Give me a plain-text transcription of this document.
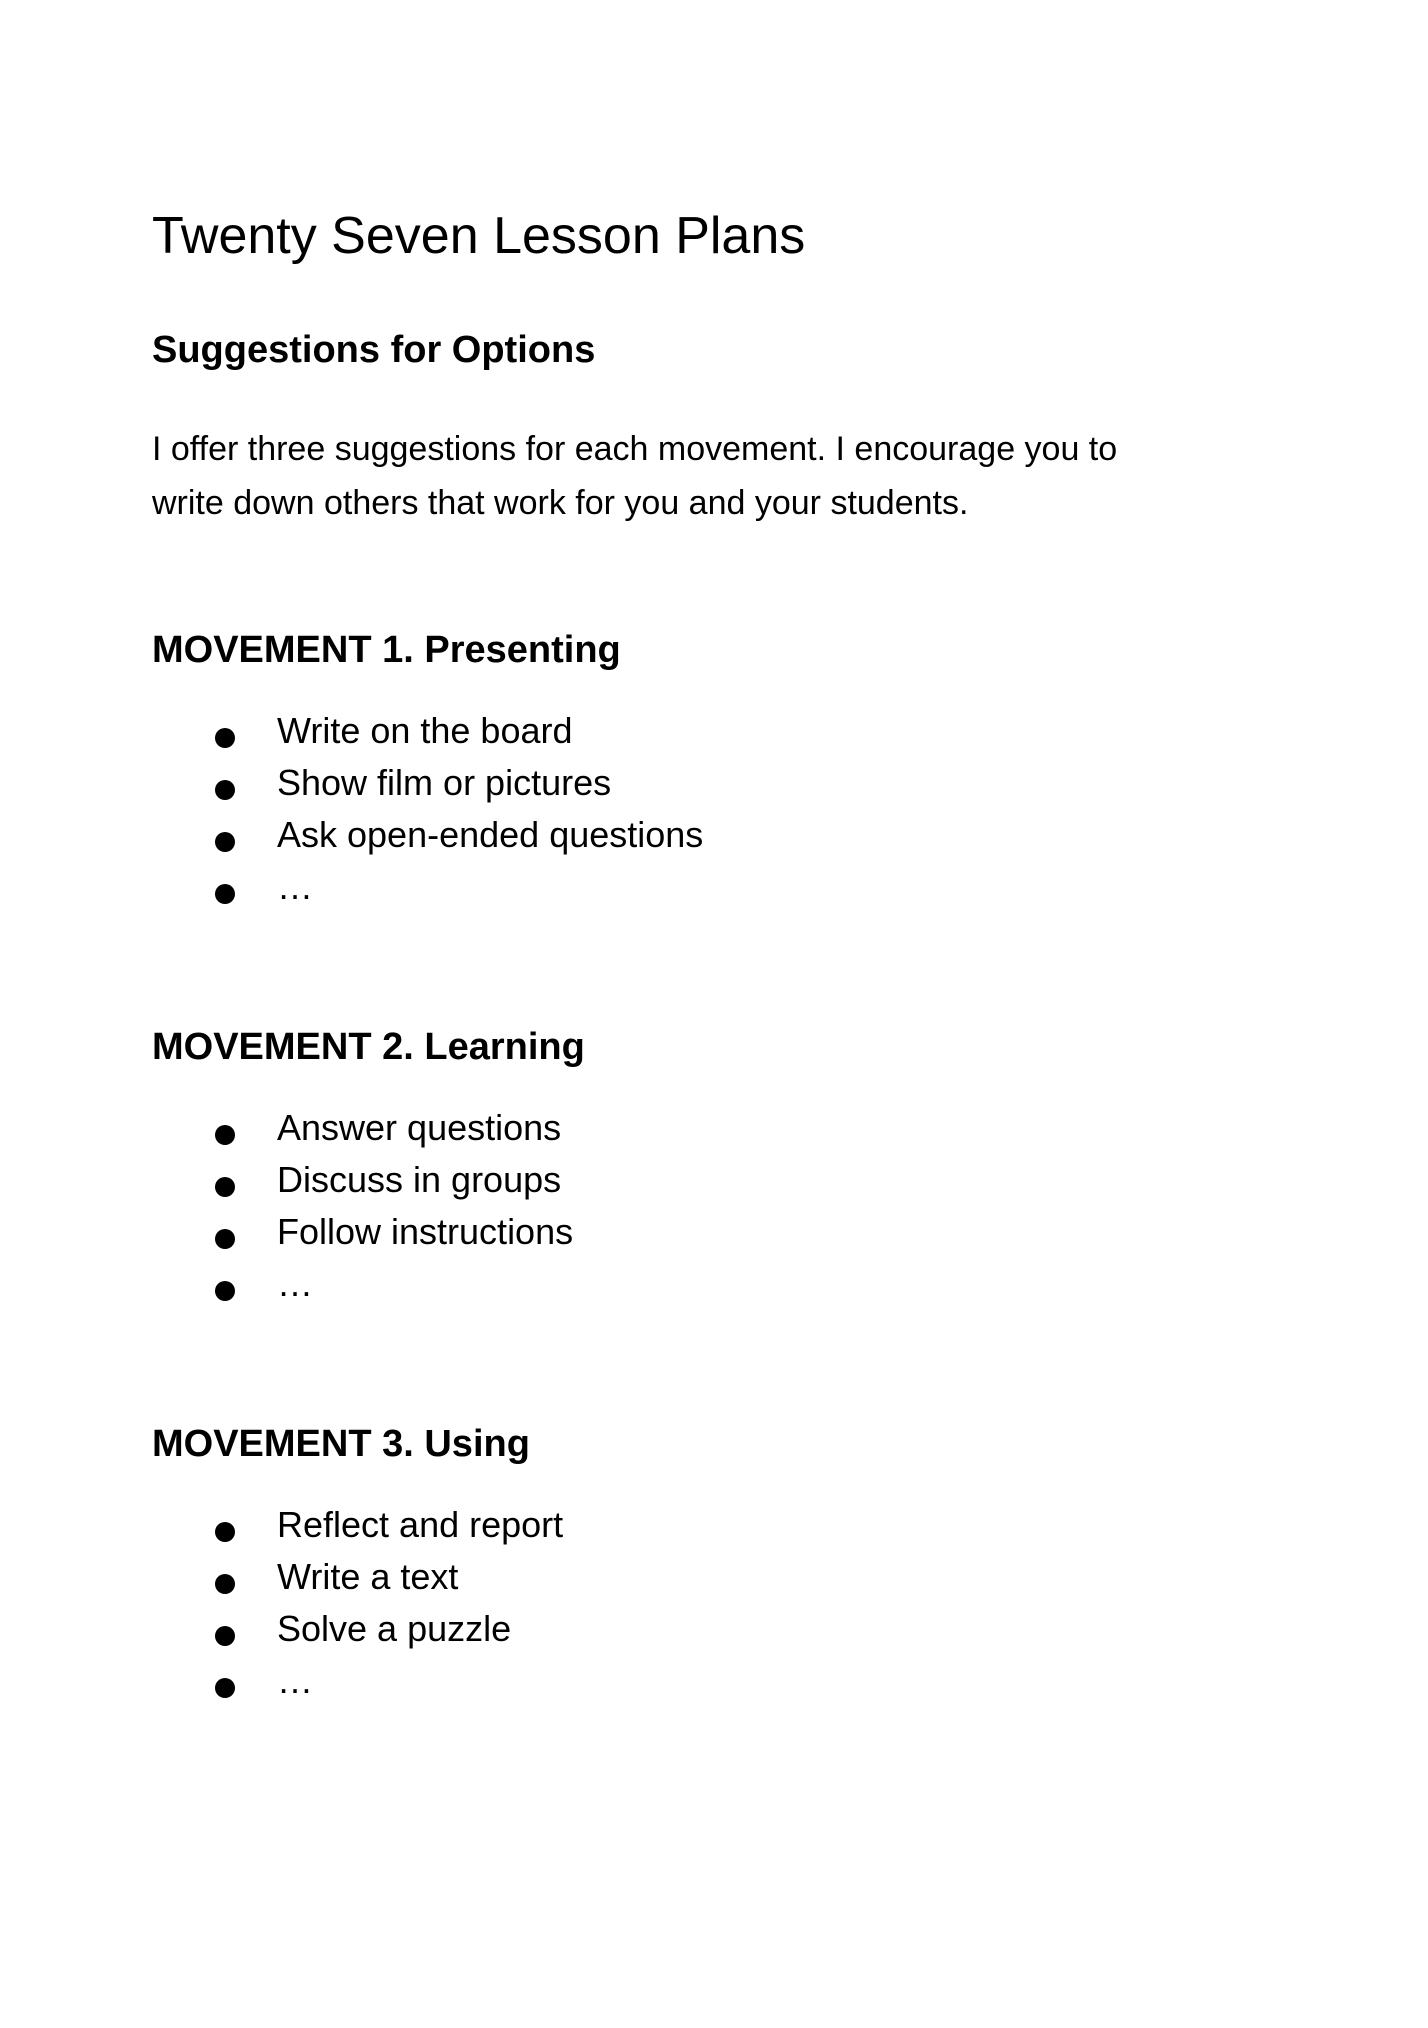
Twenty Seven Lesson Plans
Suggestions for Options

I offer three suggestions for each movement. I encourage you to
write down others that work for you and your students.

MOVEMENT 1. Presenting
Write on the board
Show film or pictures
Ask open-ended questions
…
MOVEMENT 2. Learning
Answer questions
Discuss in groups
Follow instructions
…
MOVEMENT 3. Using
Reflect and report
Write a text
Solve a puzzle
…
